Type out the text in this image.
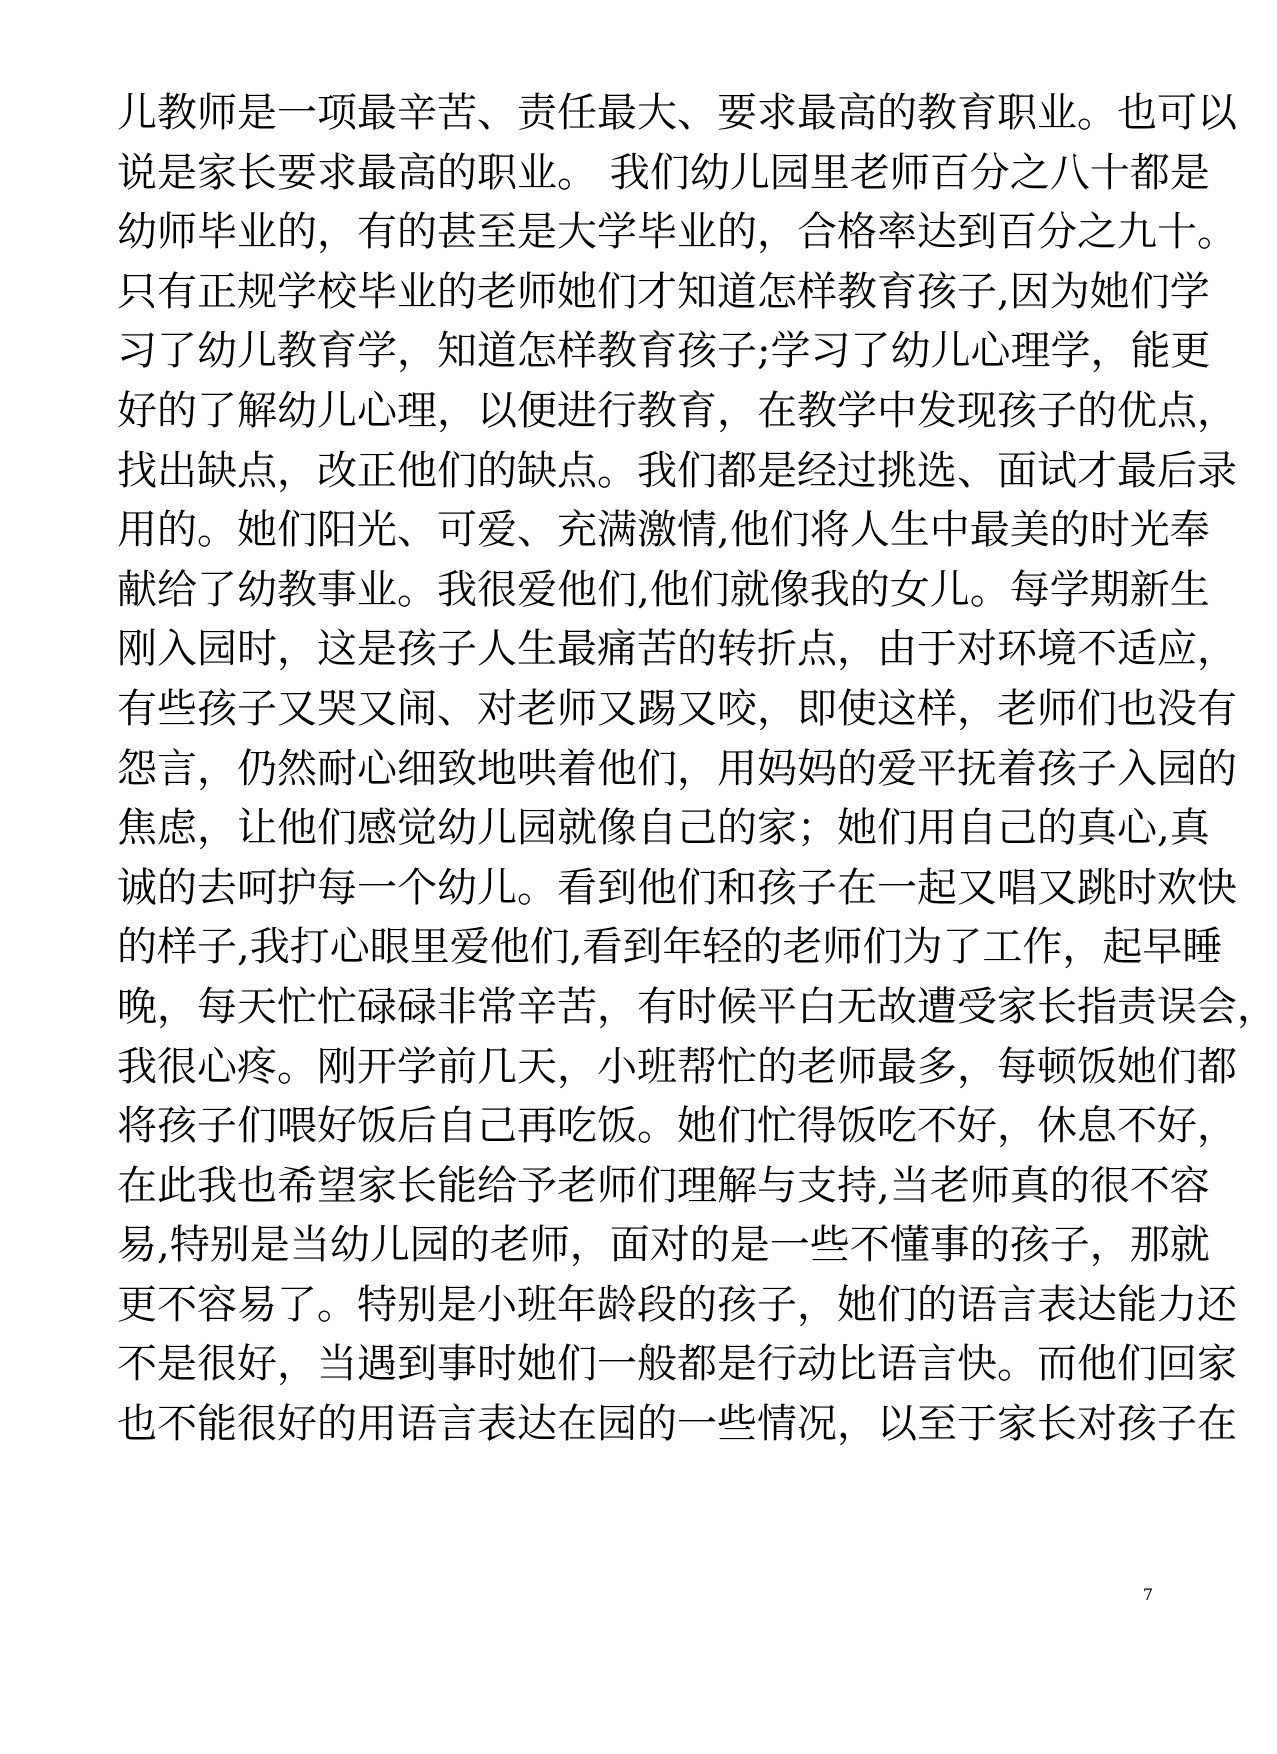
儿教师是一项最辛苦、责任最大、要求最高的教育职业。也可以
说是家长要求最高的职业。 我们幼儿园里老师百分之八十都是
幼师毕业的，有的甚至是大学毕业的，合格率达到百分之九十。
只有正规学校毕业的老师她们才知道怎样教育孩子,因为她们学
习了幼儿教育学，知道怎样教育孩子;学习了幼儿心理学，能更
好的了解幼儿心理，以便进行教育，在教学中发现孩子的优点，
找出缺点，改正他们的缺点。我们都是经过挑选、面试才最后录
用的。她们阳光、可爱、充满激情,他们将人生中最美的时光奉
献给了幼教事业。我很爱他们,他们就像我的女儿。每学期新生
刚入园时，这是孩子人生最痛苦的转折点，由于对环境不适应，
有些孩子又哭又闹、对老师又踢又咬，即使这样，老师们也没有
怨言，仍然耐心细致地哄着他们，用妈妈的爱平抚着孩子入园的
焦虑，让他们感觉幼儿园就像自己的家；她们用自己的真心,真
诚的去呵护每一个幼儿。看到他们和孩子在一起又唱又跳时欢快
的样子,我打心眼里爱他们,看到年轻的老师们为了工作，起早睡
晚，每天忙忙碌碌非常辛苦，有时候平白无故遭受家长指责误会，
我很心疼。刚开学前几天，小班帮忙的老师最多，每顿饭她们都
将孩子们喂好饭后自己再吃饭。她们忙得饭吃不好，休息不好，
在此我也希望家长能给予老师们理解与支持,当老师真的很不容
易,特别是当幼儿园的老师，面对的是一些不懂事的孩子，那就
更不容易了。特别是小班年龄段的孩子，她们的语言表达能力还
不是很好，当遇到事时她们一般都是行动比语言快。而他们回家
也不能很好的用语言表达在园的一些情况，以至于家长对孩子在
7
